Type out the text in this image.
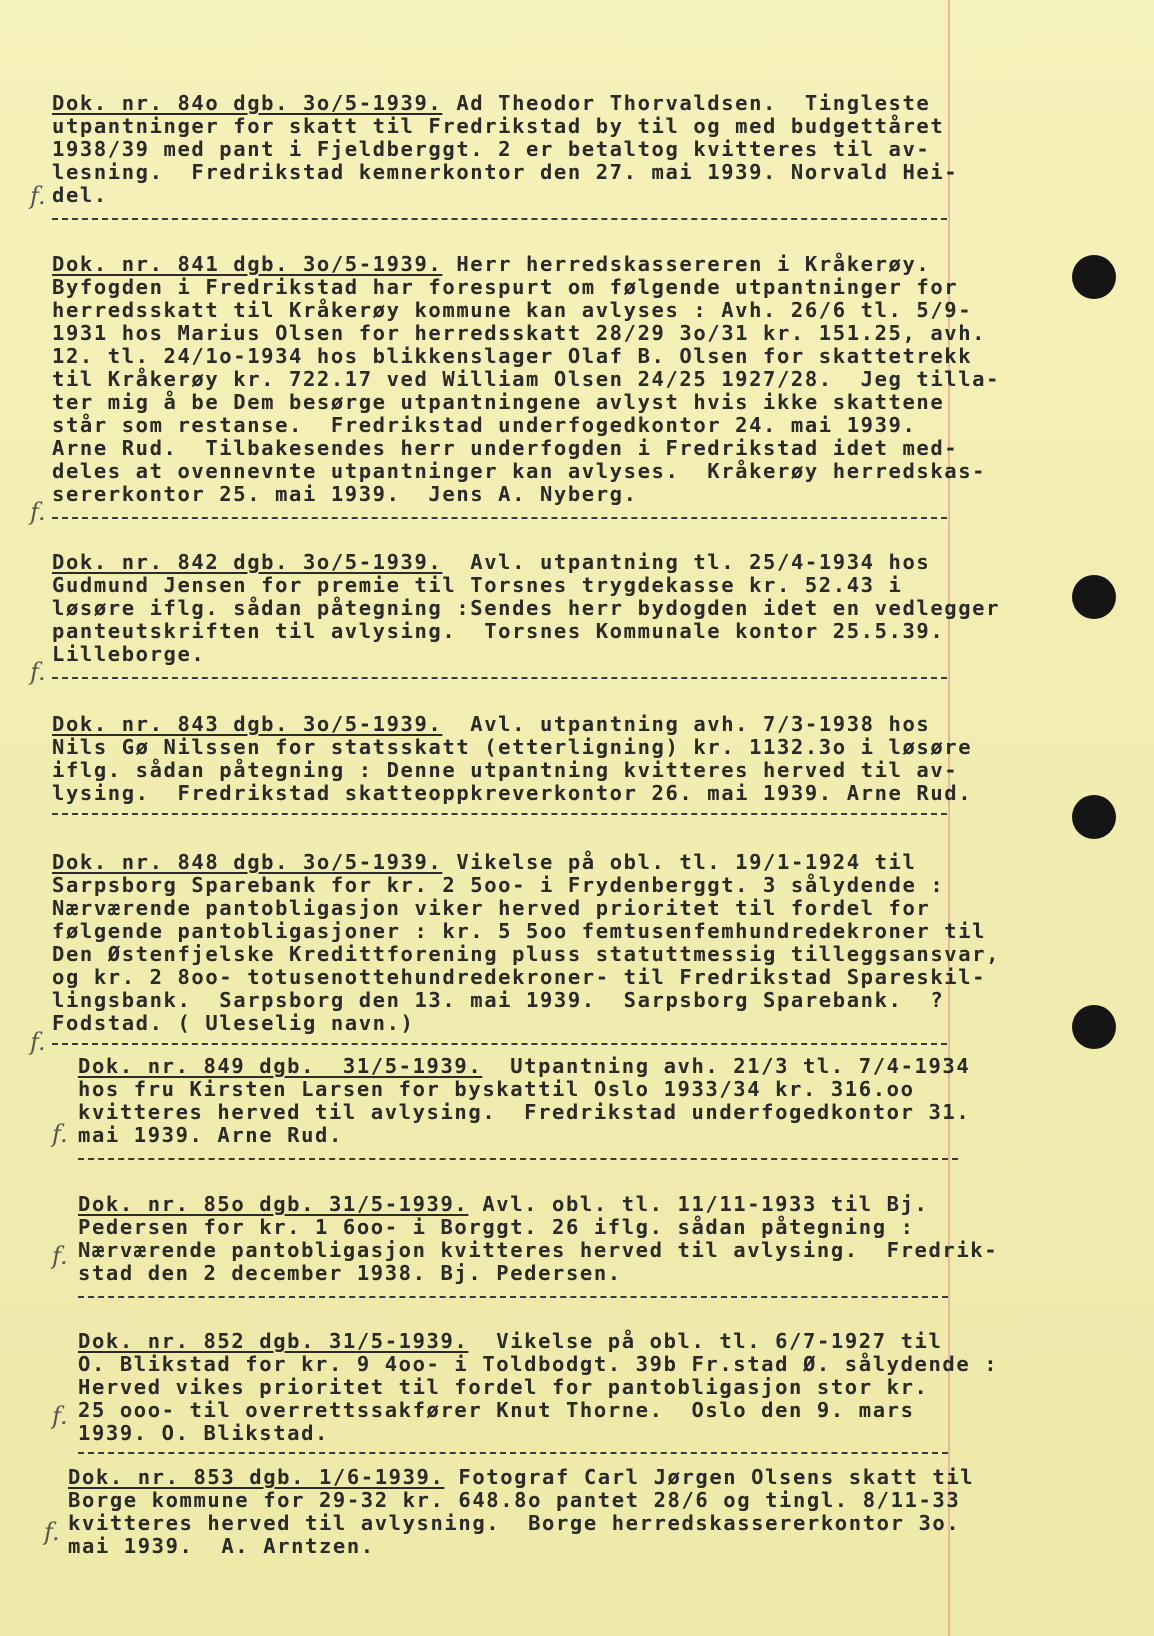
Dok. nr. 84o dgb. 3o/5-1939. Ad Theodor Thorvaldsen.  Tingleste
utpantninger for skatt til Fredrikstad by til og med budgettåret
1938/39 med pant i Fjeldberggt. 2 er betaltog kvitteres til av-
lesning.  Fredrikstad kemnerkontor den 27. mai 1939. Norvald Hei-
del.
f.
Dok. nr. 841 dgb. 3o/5-1939. Herr herredskassereren i Kråkerøy.
Byfogden i Fredrikstad har forespurt om følgende utpantninger for
herredsskatt til Kråkerøy kommune kan avlyses : Avh. 26/6 tl. 5/9-
1931 hos Marius Olsen for herredsskatt 28/29 3o/31 kr. 151.25, avh.
12. tl. 24/1o-1934 hos blikkenslager Olaf B. Olsen for skattetrekk
til Kråkerøy kr. 722.17 ved William Olsen 24/25 1927/28.  Jeg tilla-
ter mig å be Dem besørge utpantningene avlyst hvis ikke skattene
står som restanse.  Fredrikstad underfogedkontor 24. mai 1939.
Arne Rud.  Tilbakesendes herr underfogden i Fredrikstad idet med-
deles at ovennevnte utpantninger kan avlyses.  Kråkerøy herredskas-
sererkontor 25. mai 1939.  Jens A. Nyberg.
f.
Dok. nr. 842 dgb. 3o/5-1939.  Avl. utpantning tl. 25/4-1934 hos
Gudmund Jensen for premie til Torsnes trygdekasse kr. 52.43 i
løsøre iflg. sådan påtegning :Sendes herr bydogden idet en vedlegger
panteutskriften til avlysing.  Torsnes Kommunale kontor 25.5.39.
Lilleborge.
f.
Dok. nr. 843 dgb. 3o/5-1939.  Avl. utpantning avh. 7/3-1938 hos
Nils Gø Nilssen for statsskatt (etterligning) kr. 1132.3o i løsøre
iflg. sådan påtegning : Denne utpantning kvitteres herved til av-
lysing.  Fredrikstad skatteoppkreverkontor 26. mai 1939. Arne Rud.
Dok. nr. 848 dgb. 3o/5-1939. Vikelse på obl. tl. 19/1-1924 til
Sarpsborg Sparebank for kr. 2 5oo- i Frydenberggt. 3 sålydende :
Nærværende pantobligasjon viker herved prioritet til fordel for
følgende pantobligasjoner : kr. 5 5oo femtusenfemhundredekroner til
Den Østenfjelske Kredittforening pluss statuttmessig tilleggsansvar,
og kr. 2 8oo- totusenottehundredekroner- til Fredrikstad Spareskil-
lingsbank.  Sarpsborg den 13. mai 1939.  Sarpsborg Sparebank.  ?
Fodstad. ( Uleselig navn.)
f.
Dok. nr. 849 dgb.  31/5-1939.  Utpantning avh. 21/3 tl. 7/4-1934
hos fru Kirsten Larsen for byskattil Oslo 1933/34 kr. 316.oo
kvitteres herved til avlysing.  Fredrikstad underfogedkontor 31.
mai 1939. Arne Rud.
f.
Dok. nr. 85o dgb. 31/5-1939. Avl. obl. tl. 11/11-1933 til Bj.
Pedersen for kr. 1 6oo- i Borggt. 26 iflg. sådan påtegning :
Nærværende pantobligasjon kvitteres herved til avlysing.  Fredrik-
stad den 2 december 1938. Bj. Pedersen.
f.
Dok. nr. 852 dgb. 31/5-1939.  Vikelse på obl. tl. 6/7-1927 til
O. Blikstad for kr. 9 4oo- i Toldbodgt. 39b Fr.stad Ø. sålydende :
Herved vikes prioritet til fordel for pantobligasjon stor kr.
25 ooo- til overrettssakfører Knut Thorne.  Oslo den 9. mars
1939. O. Blikstad.
f.
Dok. nr. 853 dgb. 1/6-1939. Fotograf Carl Jørgen Olsens skatt til
Borge kommune for 29-32 kr. 648.8o pantet 28/6 og tingl. 8/11-33
kvitteres herved til avlysning.  Borge herredskassererkontor 3o.
mai 1939.  A. Arntzen.
f.
